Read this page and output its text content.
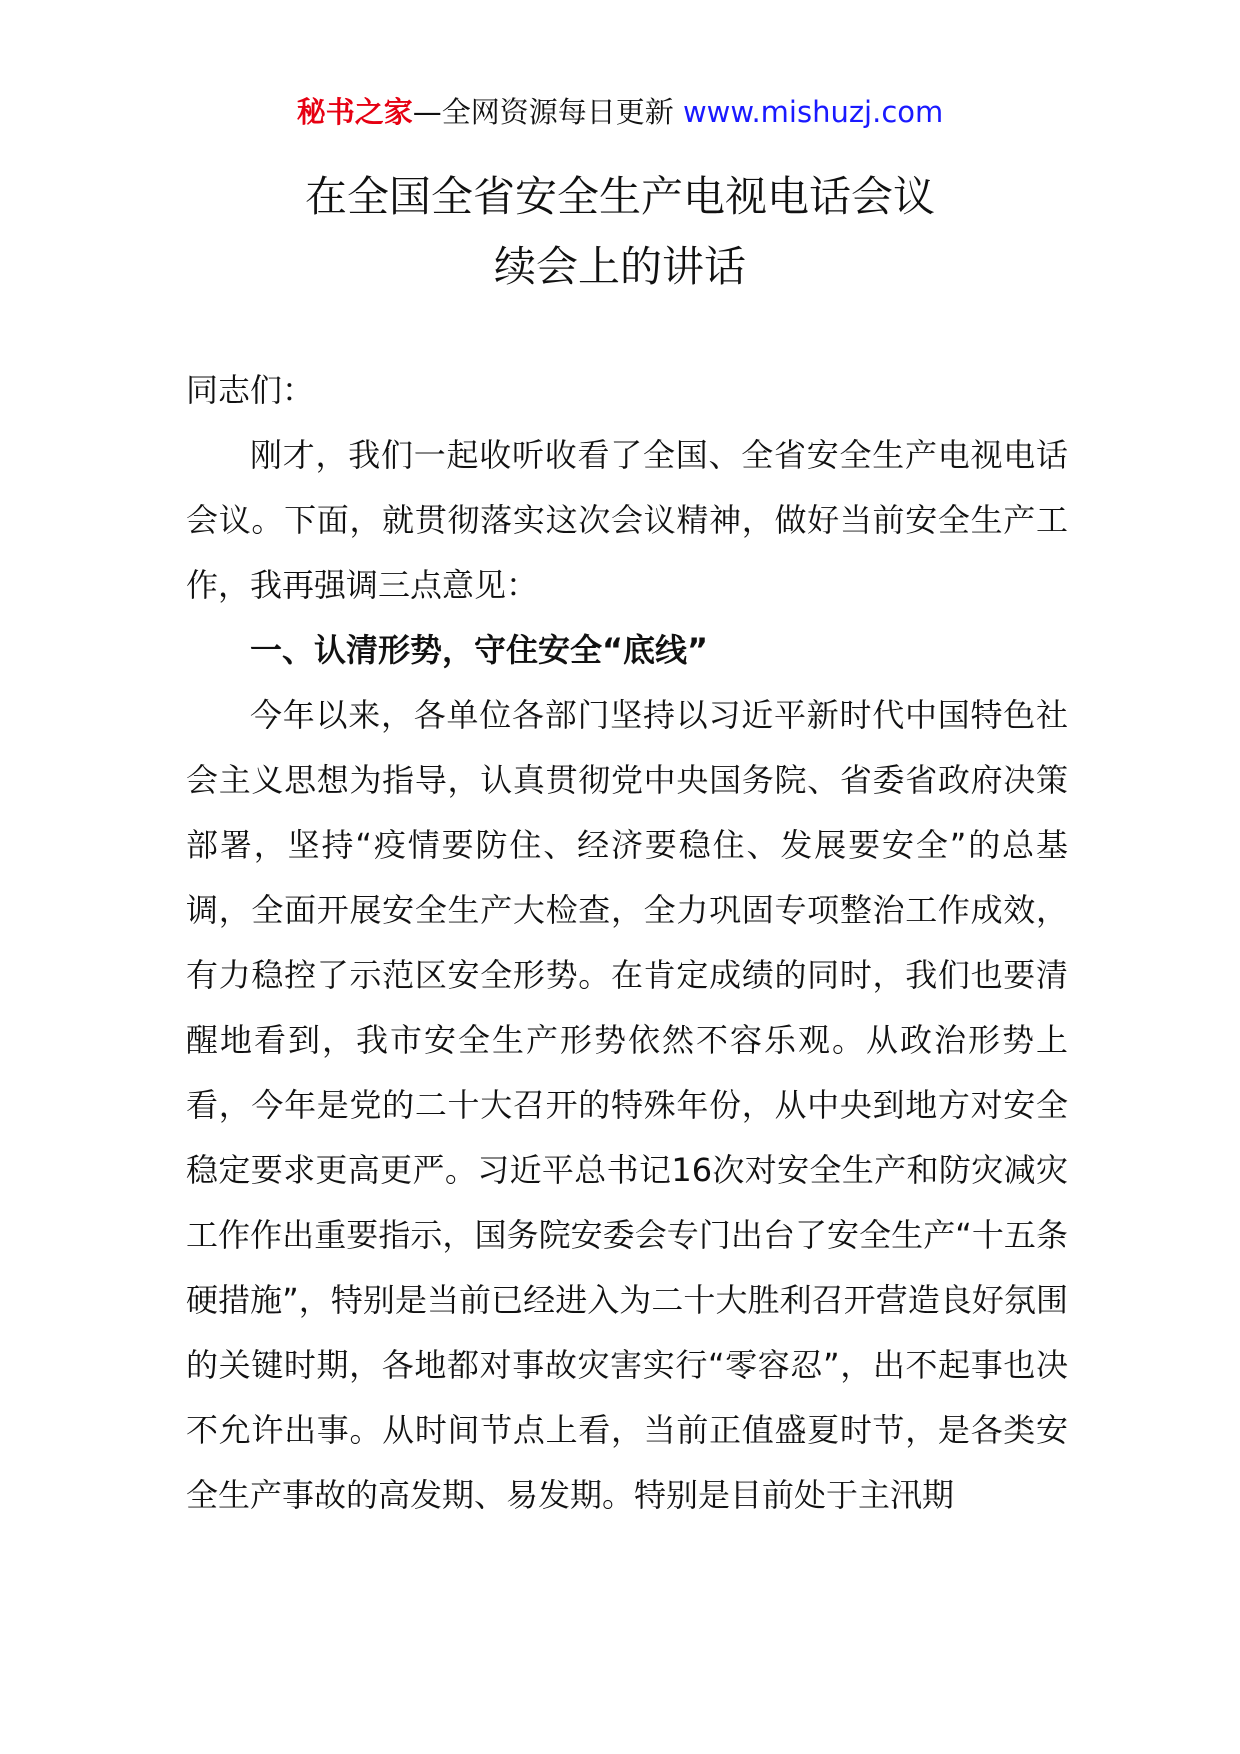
秘书之家—全网资源每日更新 www.mishuzj.com
在全国全省安全生产电视电话会议
续会上的讲话

同志们：

刚才，我们一起收听收看了全国、全省安全生产电视电话会议。下面，就贯彻落实这次会议精神，做好当前安全生产工作，我再强调三点意见：

一、认清形势，守住安全“底线”

今年以来，各单位各部门坚持以习近平新时代中国特色社会主义思想为指导，认真贯彻党中央国务院、省委省政府决策部署，坚持“疫情要防住、经济要稳住、发展要安全”的总基调，全面开展安全生产大检查，全力巩固专项整治工作成效，有力稳控了示范区安全形势。在肯定成绩的同时，我们也要清醒地看到，我市安全生产形势依然不容乐观。从政治形势上看，今年是党的二十大召开的特殊年份，从中央到地方对安全稳定要求更高更严。习近平总书记16次对安全生产和防灾减灾工作作出重要指示，国务院安委会专门出台了安全生产“十五条硬措施”，特别是当前已经进入为二十大胜利召开营造良好氛围的关键时期，各地都对事故灾害实行“零容忍”，出不起事也决不允许出事。从时间节点上看，当前正值盛夏时节，是各类安全生产事故的高发期、易发期。特别是目前处于主汛期
